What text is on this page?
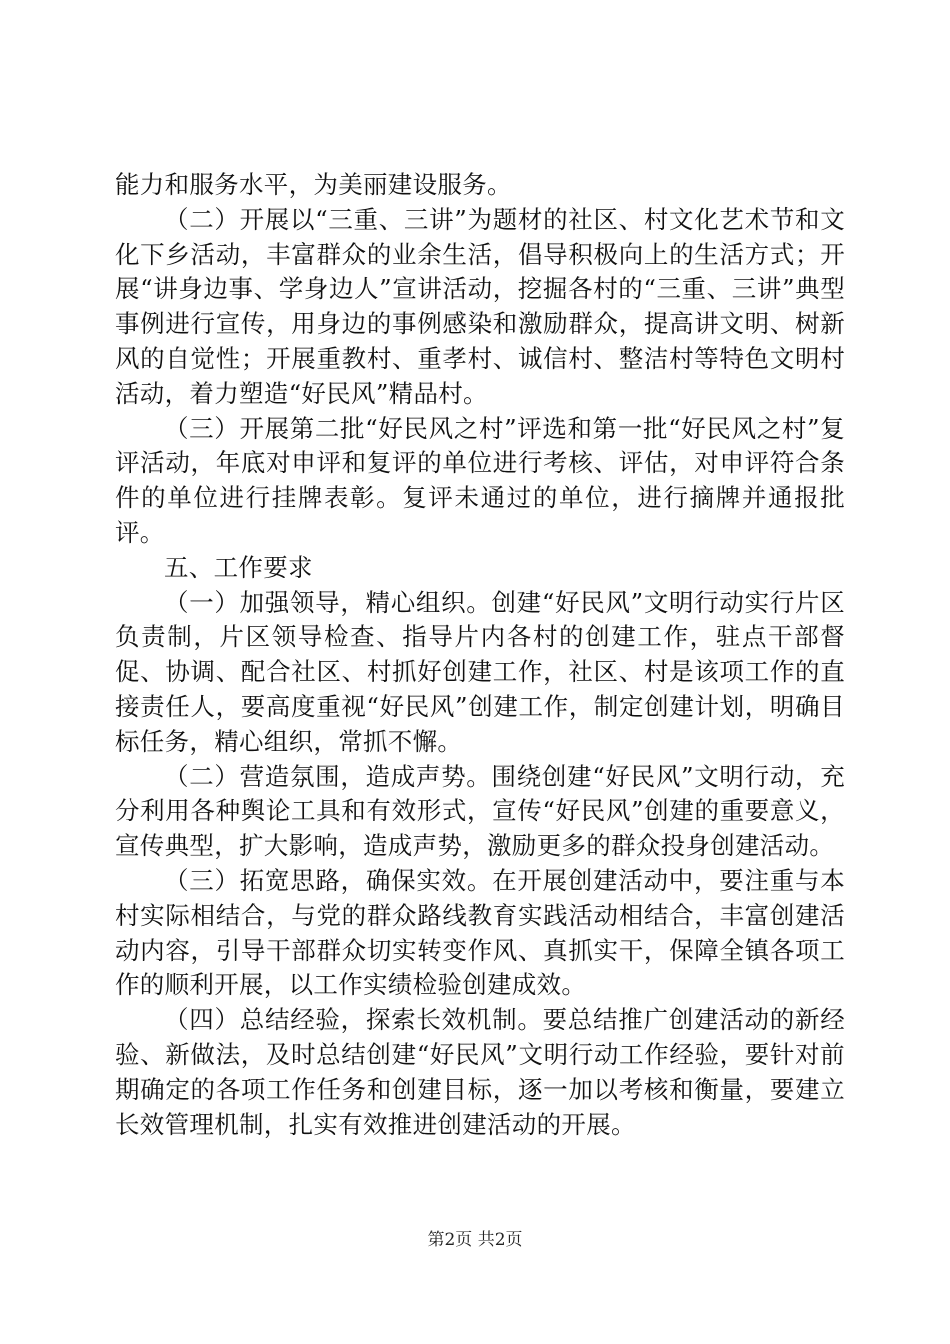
能力和服务水平，为美丽建设服务。

（二）开展以“三重、三讲”为题材的社区、村文化艺术节和文化下乡活动，丰富群众的业余生活，倡导积极向上的生活方式；开展“讲身边事、学身边人”宣讲活动，挖掘各村的“三重、三讲”典型事例进行宣传，用身边的事例感染和激励群众，提高讲文明、树新风的自觉性；开展重教村、重孝村、诚信村、整洁村等特色文明村活动，着力塑造“好民风”精品村。

（三）开展第二批“好民风之村”评选和第一批“好民风之村”复评活动，年底对申评和复评的单位进行考核、评估，对申评符合条件的单位进行挂牌表彰。复评未通过的单位，进行摘牌并通报批评。

五、工作要求

（一）加强领导，精心组织。创建“好民风”文明行动实行片区负责制，片区领导检查、指导片内各村的创建工作，驻点干部督促、协调、配合社区、村抓好创建工作，社区、村是该项工作的直接责任人，要高度重视“好民风”创建工作，制定创建计划，明确目标任务，精心组织，常抓不懈。

（二）营造氛围，造成声势。围绕创建“好民风”文明行动，充分利用各种舆论工具和有效形式，宣传“好民风”创建的重要意义，宣传典型，扩大影响，造成声势，激励更多的群众投身创建活动。

（三）拓宽思路，确保实效。在开展创建活动中，要注重与本村实际相结合，与党的群众路线教育实践活动相结合，丰富创建活动内容，引导干部群众切实转变作风、真抓实干，保障全镇各项工作的顺利开展，以工作实绩检验创建成效。

（四）总结经验，探索长效机制。要总结推广创建活动的新经验、新做法，及时总结创建“好民风”文明行动工作经验，要针对前期确定的各项工作任务和创建目标，逐一加以考核和衡量，要建立长效管理机制，扎实有效推进创建活动的开展。

第2页 共2页
